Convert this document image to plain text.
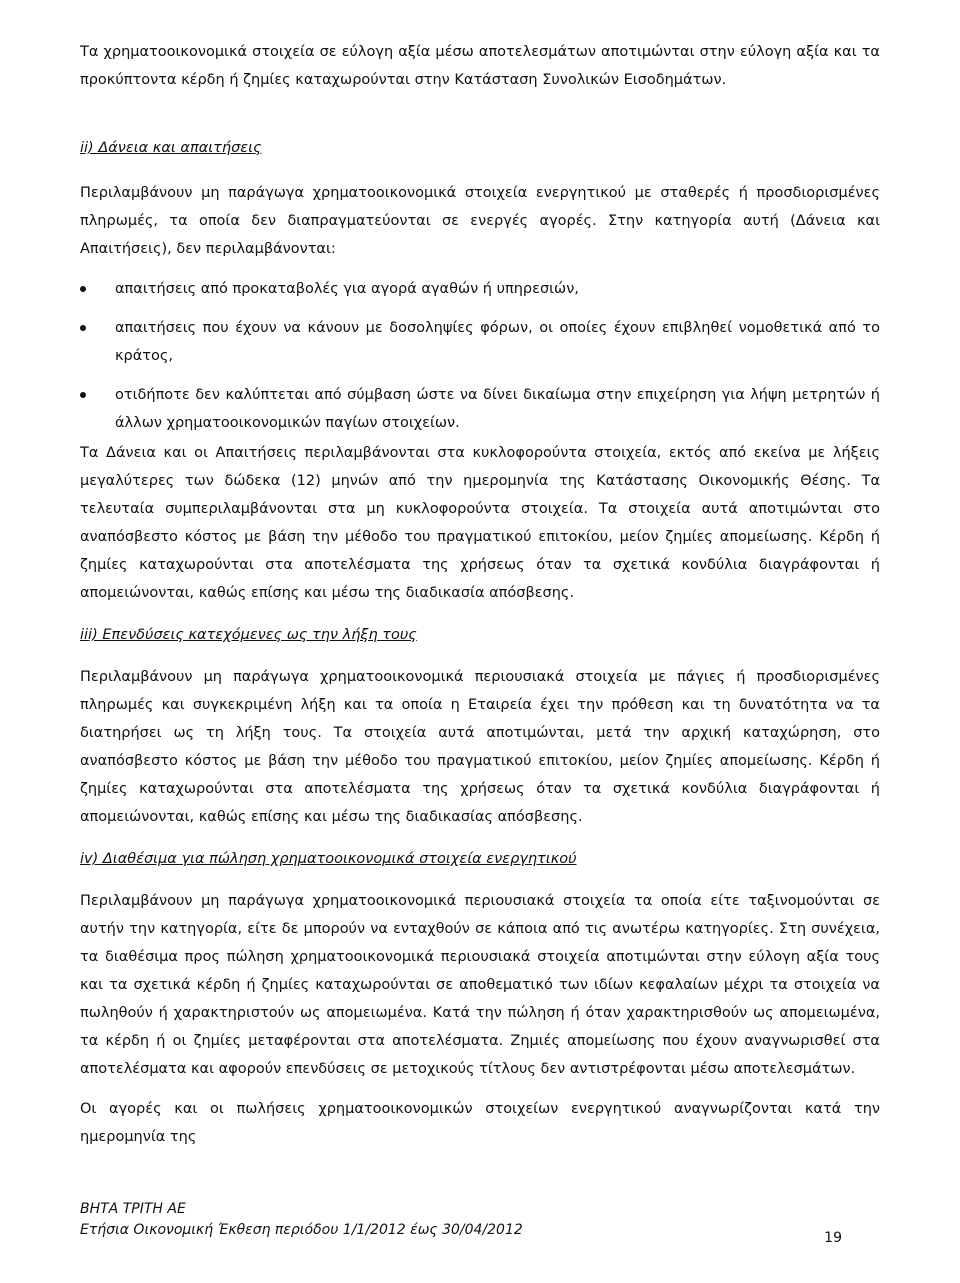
Τα χρηματοοικονομικά στοιχεία σε εύλογη αξία μέσω αποτελεσμάτων αποτιμώνται στην εύλογη αξία και τα προκύπτοντα κέρδη ή ζημίες καταχωρούνται στην Κατάσταση Συνολικών Εισοδημάτων.

ii) Δάνεια και απαιτήσεις

Περιλαμβάνουν μη παράγωγα χρηματοοικονομικά στοιχεία ενεργητικού με σταθερές ή προσδιορισμένες πληρωμές, τα οποία δεν διαπραγματεύονται σε ενεργές αγορές. Στην κατηγορία αυτή (Δάνεια και Απαιτήσεις), δεν περιλαμβάνονται:

απαιτήσεις από προκαταβολές για αγορά αγαθών ή υπηρεσιών,
απαιτήσεις που έχουν να κάνουν με δοσοληψίες φόρων, οι οποίες έχουν επιβληθεί νομοθετικά από το κράτος,
οτιδήποτε δεν καλύπτεται από σύμβαση ώστε να δίνει δικαίωμα στην επιχείρηση για λήψη μετρητών ή άλλων χρηματοοικονομικών παγίων στοιχείων.

Τα Δάνεια και οι Απαιτήσεις περιλαμβάνονται στα κυκλοφορούντα στοιχεία, εκτός από εκείνα με λήξεις μεγαλύτερες των δώδεκα (12) μηνών από την ημερομηνία της Κατάστασης Οικονομικής Θέσης. Τα τελευταία συμπεριλαμβάνονται στα μη κυκλοφορούντα στοιχεία. Τα στοιχεία αυτά αποτιμώνται στο αναπόσβεστο κόστος με βάση την μέθοδο του πραγματικού επιτοκίου, μείον ζημίες απομείωσης. Κέρδη ή ζημίες καταχωρούνται στα αποτελέσματα της χρήσεως όταν τα σχετικά κονδύλια διαγράφονται ή απομειώνονται, καθώς επίσης και μέσω της διαδικασία απόσβεσης.

iii) Επενδύσεις κατεχόμενες ως την λήξη τους

Περιλαμβάνουν μη παράγωγα χρηματοοικονομικά περιουσιακά στοιχεία με πάγιες ή προσδιορισμένες πληρωμές και συγκεκριμένη λήξη και τα οποία η Εταιρεία έχει την πρόθεση και τη δυνατότητα να τα διατηρήσει ως τη λήξη τους. Τα στοιχεία αυτά αποτιμώνται, μετά την αρχική καταχώρηση, στο αναπόσβεστο κόστος με βάση την μέθοδο του πραγματικού επιτοκίου, μείον ζημίες απομείωσης. Κέρδη ή ζημίες καταχωρούνται στα αποτελέσματα της χρήσεως όταν τα σχετικά κονδύλια διαγράφονται ή απομειώνονται, καθώς επίσης και μέσω της διαδικασίας απόσβεσης.

iv) Διαθέσιμα για πώληση χρηματοοικονομικά στοιχεία ενεργητικού

Περιλαμβάνουν μη παράγωγα χρηματοοικονομικά περιουσιακά στοιχεία τα οποία είτε ταξινομούνται σε αυτήν την κατηγορία, είτε δε μπορούν να ενταχθούν σε κάποια από τις ανωτέρω κατηγορίες. Στη συνέχεια, τα διαθέσιμα προς πώληση χρηματοοικονομικά περιουσιακά στοιχεία αποτιμώνται στην εύλογη αξία τους και τα σχετικά κέρδη ή ζημίες καταχωρούνται σε αποθεματικό των ιδίων κεφαλαίων μέχρι τα στοιχεία να πωληθούν ή χαρακτηριστούν ως απομειωμένα. Κατά την πώληση ή όταν χαρακτηρισθούν ως απομειωμένα, τα κέρδη ή οι ζημίες μεταφέρονται στα αποτελέσματα. Ζημιές απομείωσης που έχουν αναγνωρισθεί στα αποτελέσματα και αφορούν επενδύσεις σε μετοχικούς τίτλους δεν αντιστρέφονται μέσω αποτελεσμάτων.

Οι αγορές και οι πωλήσεις χρηματοοικονομικών στοιχείων ενεργητικού αναγνωρίζονται κατά την ημερομηνία της

ΒΗΤΑ ΤΡΙΤΗ ΑΕ
Ετήσια Οικονομική Έκθεση περιόδου 1/1/2012 έως 30/04/2012	19
